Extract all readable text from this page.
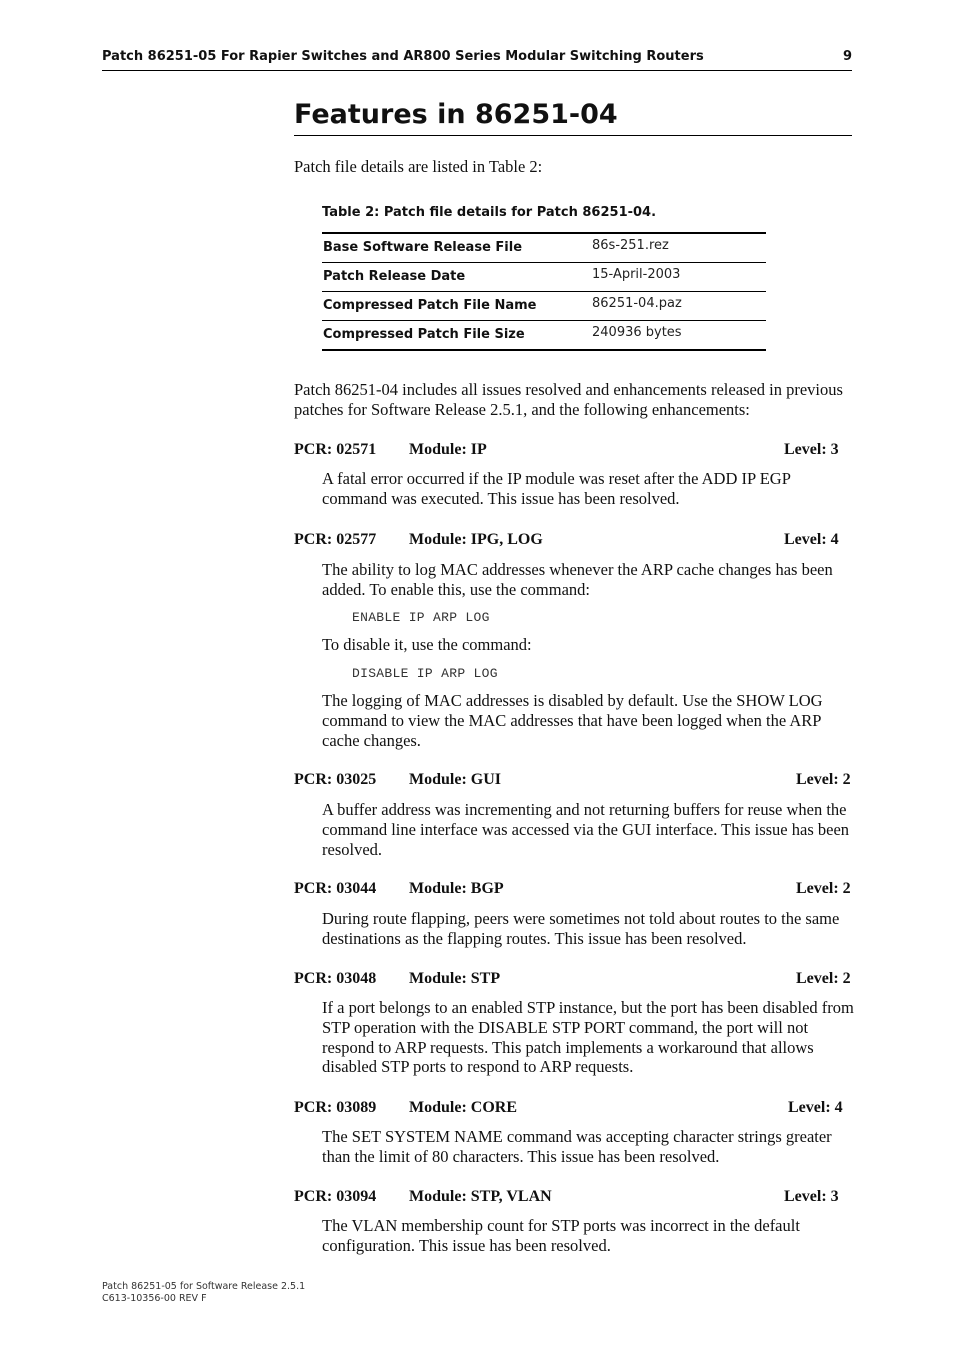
Patch 86251-05 For Rapier Switches and AR800 Series Modular Switching Routers	9
Features in 86251-04

Patch file details are listed in Table 2:

Table 2: Patch file details for Patch 86251-04.
Base Software Release File	86s-251.rez
Patch Release Date	15-April-2003
Compressed Patch File Name	86251-04.paz
Compressed Patch File Size	240936 bytes

Patch 86251-04 includes all issues resolved and enhancements released in previous patches for Software Release 2.5.1, and the following enhancements:

PCR: 02571 Module: IP	Level: 3

A fatal error occurred if the IP module was reset after the ADD IP EGP command was executed. This issue has been resolved.

PCR: 02577 Module: IPG, LOG	Level: 4

The ability to log MAC addresses whenever the ARP cache changes has been added. To enable this, use the command:

ENABLE IP ARP LOG

To disable it, use the command:

DISABLE IP ARP LOG

The logging of MAC addresses is disabled by default. Use the SHOW LOG command to view the MAC addresses that have been logged when the ARP cache changes.

PCR: 03025 Module: GUI	Level: 2

A buffer address was incrementing and not returning buffers for reuse when the command line interface was accessed via the GUI interface. This issue has been resolved.

PCR: 03044 Module: BGP	Level: 2

During route flapping, peers were sometimes not told about routes to the same destinations as the flapping routes. This issue has been resolved.

PCR: 03048 Module: STP	Level: 2

If a port belongs to an enabled STP instance, but the port has been disabled from STP operation with the DISABLE STP PORT command, the port will not respond to ARP requests. This patch implements a workaround that allows disabled STP ports to respond to ARP requests.

PCR: 03089 Module: CORE	Level: 4

The SET SYSTEM NAME command was accepting character strings greater than the limit of 80 characters. This issue has been resolved.

PCR: 03094 Module: STP, VLAN	Level: 3

The VLAN membership count for STP ports was incorrect in the default configuration. This issue has been resolved.

Patch 86251-05 for Software Release 2.5.1
C613-10356-00 REV F
